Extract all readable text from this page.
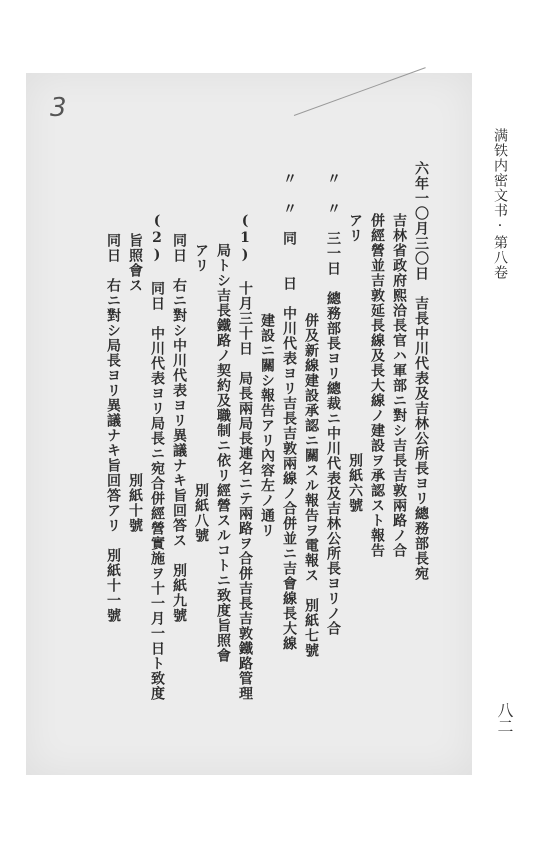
3
六年一〇月三〇日　吉長中川代表及吉林公所長ヨリ總務部長宛
吉林省政府熙洽長官ハ軍部ニ對シ吉長吉敦兩路ノ合
併經營並吉敦延長線及長大線ノ建設ヲ承認スト報告
アリ　　　　　　　　　　　　　　別紙六號
〃　〃　三一日　總務部長ヨリ總裁ニ中川代表及吉林公所長ヨリノ合
併及新線建設承認ニ關スル報告ヲ電報ス　別紙七號
〃　〃　同　　日　中川代表ヨリ吉長吉敦兩線ノ合併並ニ吉會線長大線
建設ニ關シ報告アリ內容左ノ通リ
(1) 十月三十日　局長兩局長連名ニテ兩路ヲ合併吉長吉敦鐵路管理
局トシ吉長鐵路ノ契約及職制ニ依リ經營スルコトニ致度旨照會
アリ　　　　　　　　　　　　　　別紙八號
同日　右ニ對シ中川代表ヨリ異議ナキ旨回答ス　別紙九號
(2) 同日　中川代表ヨリ局長ニ宛合併經營實施ヲ十一月一日ト致度
旨照會ス　　　　　　　　　　　　別紙十號
同日　右ニ對シ局長ヨリ異議ナキ旨回答アリ　別紙十一號
满铁内密文书·第八卷
八二
